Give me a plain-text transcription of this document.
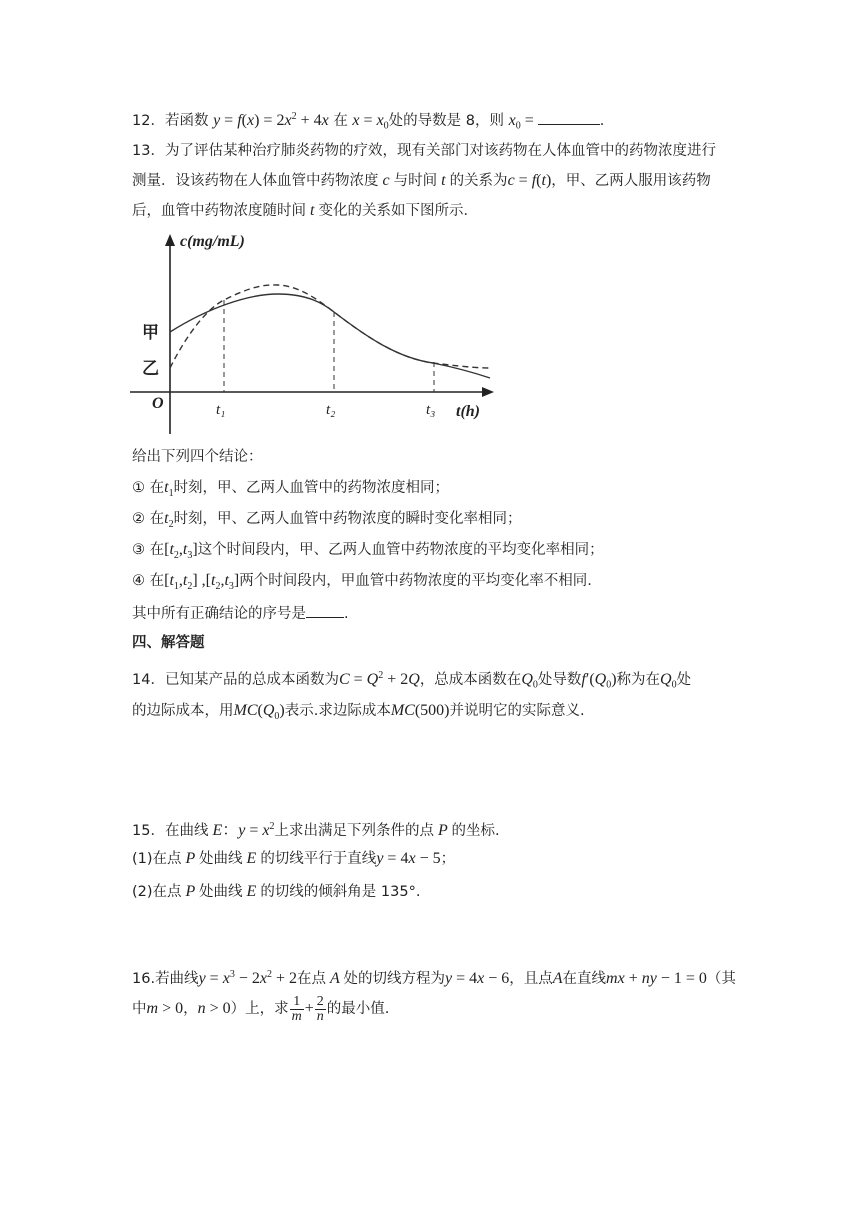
12．若函数 $y = f(x) = 2x^2 + 4x$ 在 $x = x_0$处的导数是 8，则 $x_0$ =	.
13．为了评估某种治疗肺炎药物的疗效，现有关部门对该药物在人体血管中的药物浓度进行
测量．设该药物在人体血管中药物浓度 c 与时间 t 的关系为c = f(t)，甲、乙两人服用该药物
后，血管中药物浓度随时间 t 变化的关系如下图所示．
t₁	t₂	t₃
c(mg/mL)
t(h)
O
甲
乙
给出下列四个结论：
① 在$t_1$时刻，甲、乙两人血管中的药物浓度相同；
② 在$t_2$时刻，甲、乙两人血管中药物浓度的瞬时变化率相同；
③ 在$[t_2,t_3]$这个时间段内，甲、乙两人血管中药物浓度的平均变化率相同；
④ 在$[t_1,t_2]$ $,[t_2,t_3]$两个时间段内，甲血管中药物浓度的平均变化率不相同.
其中所有正确结论的序号是	.
四、解答题
14．已知某产品的总成本函数为$C = Q^2 + 2Q$，总成本函数在$Q_0$处导数$f'(Q_0)$称为在$Q_0$处
的边际成本，用$MC(Q_0)$表示.求边际成本MC(500)并说明它的实际意义.
15．在曲线 E：$y = x^2$上求出满足下列条件的点 P 的坐标.
(1)在点 P 处曲线 E 的切线平行于直线y = 4x − 5；
(2)在点 P 处曲线 E 的切线的倾斜角是 135°.
16.若曲线$y = x^3 - 2x^2 + 2$在点 A 处的切线方程为y = 4x − 6，且点A在直线mx + ny − 1 = 0（其
中m > 0，n > 0）上，求 $\frac{1}{m} + \frac{2}{n}$ 的最小值.
